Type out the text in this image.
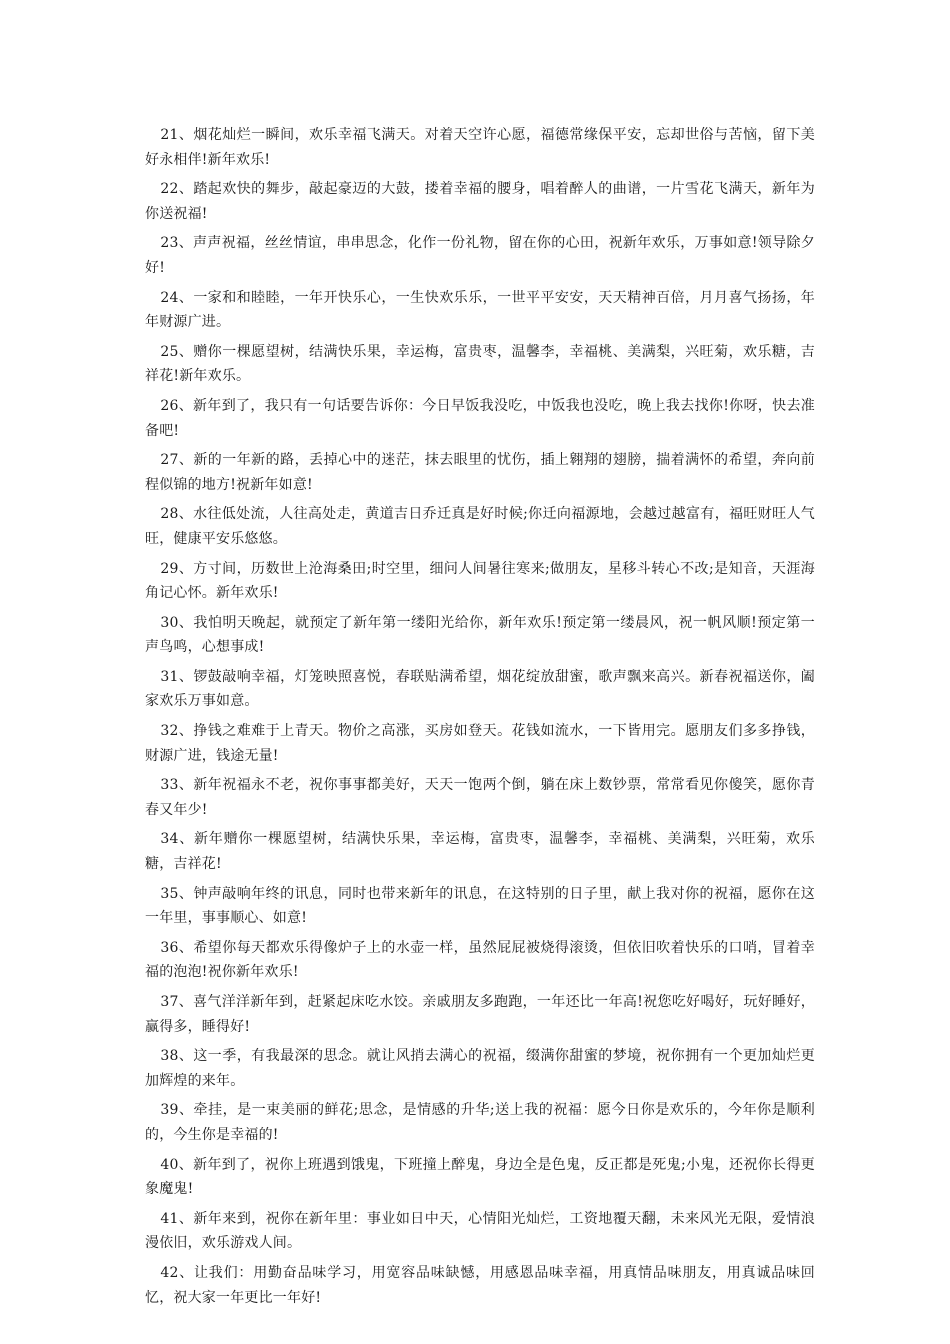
21、烟花灿烂一瞬间，欢乐幸福飞满天。对着天空许心愿，福德常缘保平安，忘却世俗与苦恼，留下美好永相伴!新年欢乐!

22、踏起欢快的舞步，敲起豪迈的大鼓，搂着幸福的腰身，唱着醉人的曲谱，一片雪花飞满天，新年为你送祝福!

23、声声祝福，丝丝情谊，串串思念，化作一份礼物，留在你的心田，祝新年欢乐，万事如意!领导除夕好!

24、一家和和睦睦，一年开快乐心，一生快欢乐乐，一世平平安安，天天精神百倍，月月喜气扬扬，年年财源广进。

25、赠你一棵愿望树，结满快乐果，幸运梅，富贵枣，温馨李，幸福桃、美满梨，兴旺菊，欢乐糖，吉祥花!新年欢乐。

26、新年到了，我只有一句话要告诉你：今日早饭我没吃，中饭我也没吃，晚上我去找你!你呀，快去准备吧!

27、新的一年新的路，丢掉心中的迷茫，抹去眼里的忧伤，插上翱翔的翅膀，揣着满怀的希望，奔向前程似锦的地方!祝新年如意!

28、水往低处流，人往高处走，黄道吉日乔迁真是好时候;你迁向福源地，会越过越富有，福旺财旺人气旺，健康平安乐悠悠。

29、方寸间，历数世上沧海桑田;时空里，细问人间暑往寒来;做朋友，星移斗转心不改;是知音，天涯海角记心怀。新年欢乐!

30、我怕明天晚起，就预定了新年第一缕阳光给你，新年欢乐!预定第一缕晨风，祝一帆风顺!预定第一声鸟鸣，心想事成!

31、锣鼓敲响幸福，灯笼映照喜悦，春联贴满希望，烟花绽放甜蜜，歌声飘来高兴。新春祝福送你，阖家欢乐万事如意。

32、挣钱之难难于上青天。物价之高涨，买房如登天。花钱如流水，一下皆用完。愿朋友们多多挣钱，财源广进，钱途无量!

33、新年祝福永不老，祝你事事都美好，天天一饱两个倒，躺在床上数钞票，常常看见你傻笑，愿你青春又年少!

34、新年赠你一棵愿望树，结满快乐果，幸运梅，富贵枣，温馨李，幸福桃、美满梨，兴旺菊，欢乐糖，吉祥花!

35、钟声敲响年终的讯息，同时也带来新年的讯息，在这特别的日子里，献上我对你的祝福，愿你在这一年里，事事顺心、如意!

36、希望你每天都欢乐得像炉子上的水壶一样，虽然屁屁被烧得滚烫，但依旧吹着快乐的口哨，冒着幸福的泡泡!祝你新年欢乐!

37、喜气洋洋新年到，赶紧起床吃水饺。亲戚朋友多跑跑，一年还比一年高!祝您吃好喝好，玩好睡好，赢得多，睡得好!

38、这一季，有我最深的思念。就让风捎去满心的祝福，缀满你甜蜜的梦境，祝你拥有一个更加灿烂更加辉煌的来年。

39、牵挂，是一束美丽的鲜花;思念，是情感的升华;送上我的祝福：愿今日你是欢乐的，今年你是顺利的，今生你是幸福的!

40、新年到了，祝你上班遇到饿鬼，下班撞上醉鬼，身边全是色鬼，反正都是死鬼;小鬼，还祝你长得更象魔鬼!

41、新年来到，祝你在新年里：事业如日中天，心情阳光灿烂，工资地覆天翻，未来风光无限，爱情浪漫依旧，欢乐游戏人间。

42、让我们：用勤奋品味学习，用宽容品味缺憾，用感恩品味幸福，用真情品味朋友，用真诚品味回忆，祝大家一年更比一年好!
